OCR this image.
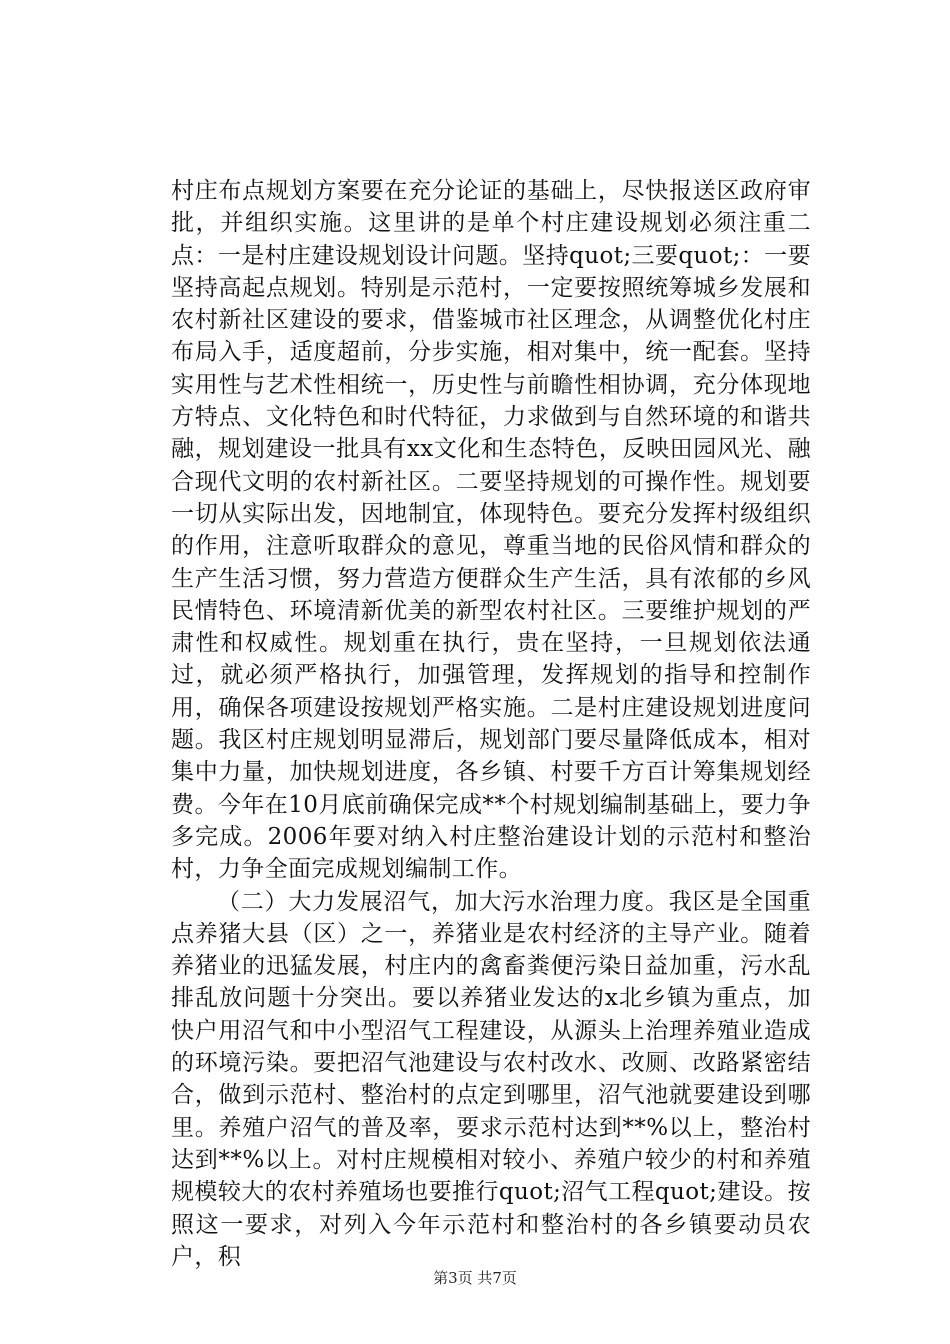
村庄布点规划方案要在充分论证的基础上，尽快报送区政府审批，并组织实施。这里讲的是单个村庄建设规划必须注重二点：一是村庄建设规划设计问题。坚持quot;三要quot;：一要坚持高起点规划。特别是示范村，一定要按照统筹城乡发展和农村新社区建设的要求，借鉴城市社区理念，从调整优化村庄布局入手，适度超前，分步实施，相对集中，统一配套。坚持实用性与艺术性相统一，历史性与前瞻性相协调，充分体现地方特点、文化特色和时代特征，力求做到与自然环境的和谐共融，规划建设一批具有xx文化和生态特色，反映田园风光、融合现代文明的农村新社区。二要坚持规划的可操作性。规划要一切从实际出发，因地制宜，体现特色。要充分发挥村级组织的作用，注意听取群众的意见，尊重当地的民俗风情和群众的生产生活习惯，努力营造方便群众生产生活，具有浓郁的乡风民情特色、环境清新优美的新型农村社区。三要维护规划的严肃性和权威性。规划重在执行，贵在坚持，一旦规划依法通过，就必须严格执行，加强管理，发挥规划的指导和控制作用，确保各项建设按规划严格实施。二是村庄建设规划进度问题。我区村庄规划明显滞后，规划部门要尽量降低成本，相对集中力量，加快规划进度，各乡镇、村要千方百计筹集规划经费。今年在10月底前确保完成**个村规划编制基础上，要力争多完成。2006年要对纳入村庄整治建设计划的示范村和整治村，力争全面完成规划编制工作。

（二）大力发展沼气，加大污水治理力度。我区是全国重点养猪大县（区）之一，养猪业是农村经济的主导产业。随着养猪业的迅猛发展，村庄内的禽畜粪便污染日益加重，污水乱排乱放问题十分突出。要以养猪业发达的x北乡镇为重点，加快户用沼气和中小型沼气工程建设，从源头上治理养殖业造成的环境污染。要把沼气池建设与农村改水、改厕、改路紧密结合，做到示范村、整治村的点定到哪里，沼气池就要建设到哪里。养殖户沼气的普及率，要求示范村达到**%以上，整治村达到**%以上。对村庄规模相对较小、养殖户较少的村和养殖规模较大的农村养殖场也要推行quot;沼气工程quot;建设。按照这一要求，对列入今年示范村和整治村的各乡镇要动员农户，积

第3页 共7页
